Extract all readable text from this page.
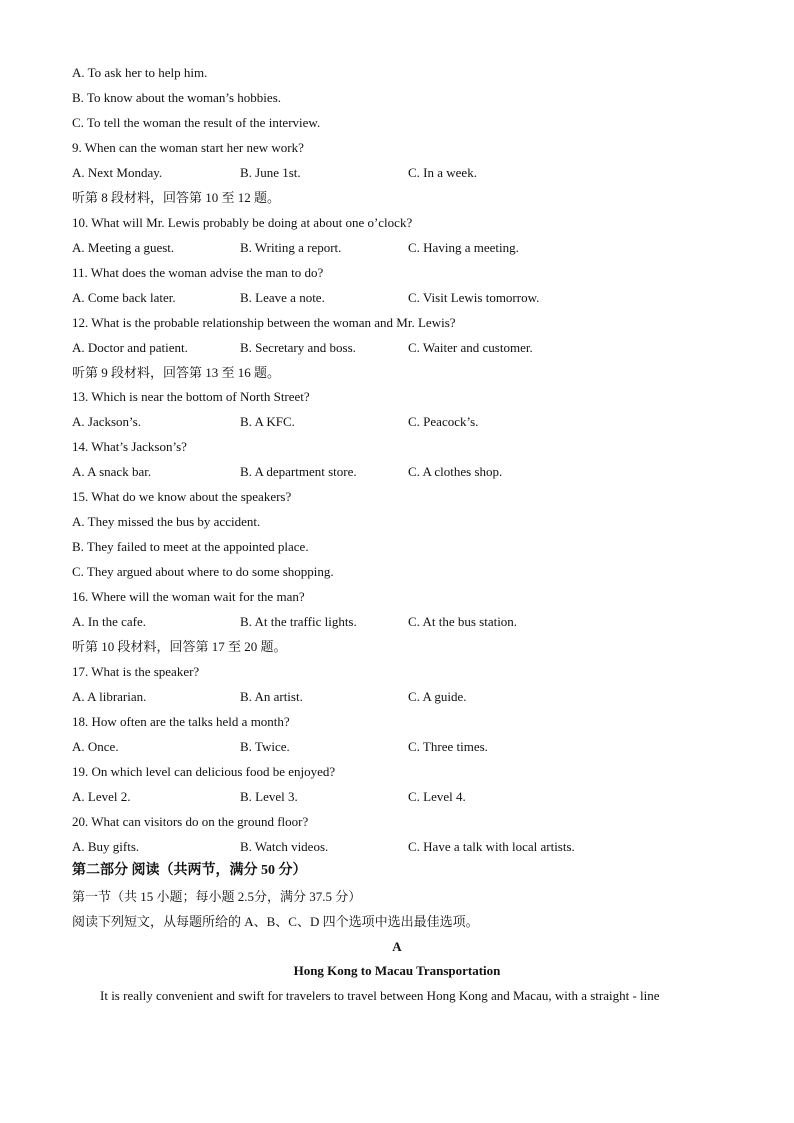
A. To ask her to help him.
B. To know about the woman’s hobbies.
C. To tell the woman the result of the interview.
9. When can the woman start her new work?
A. Next Monday.	B. June 1st.	C. In a week.
听第 8 段材料，回答第 10 至 12 题。
10. What will Mr. Lewis probably be doing at about one o’clock?
A. Meeting a guest.	B. Writing a report.	C. Having a meeting.
11. What does the woman advise the man to do?
A. Come back later.	B. Leave a note.	C. Visit Lewis tomorrow.
12. What is the probable relationship between the woman and Mr. Lewis?
A. Doctor and patient.	B. Secretary and boss.	C. Waiter and customer.
听第 9 段材料，回答第 13 至 16 题。
13. Which is near the bottom of North Street?
A. Jackson’s.	B. A KFC.	C. Peacock’s.
14. What’s Jackson’s?
A. A snack bar.	B. A department store.	C. A clothes shop.
15. What do we know about the speakers?
A. They missed the bus by accident.
B. They failed to meet at the appointed place.
C. They argued about where to do some shopping.
16. Where will the woman wait for the man?
A. In the cafe.	B. At the traffic lights.	C. At the bus station.
听第 10 段材料，回答第 17 至 20 题。
17. What is the speaker?
A. A librarian.	B. An artist.	C. A guide.
18. How often are the talks held a month?
A. Once.	B. Twice.	C. Three times.
19. On which level can delicious food be enjoyed?
A. Level 2.	B. Level 3.	C. Level 4.
20. What can visitors do on the ground floor?
A. Buy gifts.	B. Watch videos.	C. Have a talk with local artists.
第二部分 阅读（共两节，满分 50 分）
第一节（共 15 小题；每小题 2.5分，满分 37.5 分）
阅读下列短文，从每题所给的 A、B、C、D 四个选项中选出最佳选项。
A
Hong Kong to Macau Transportation
It is really convenient and swift for travelers to travel between Hong Kong and Macau, with a straight - line
